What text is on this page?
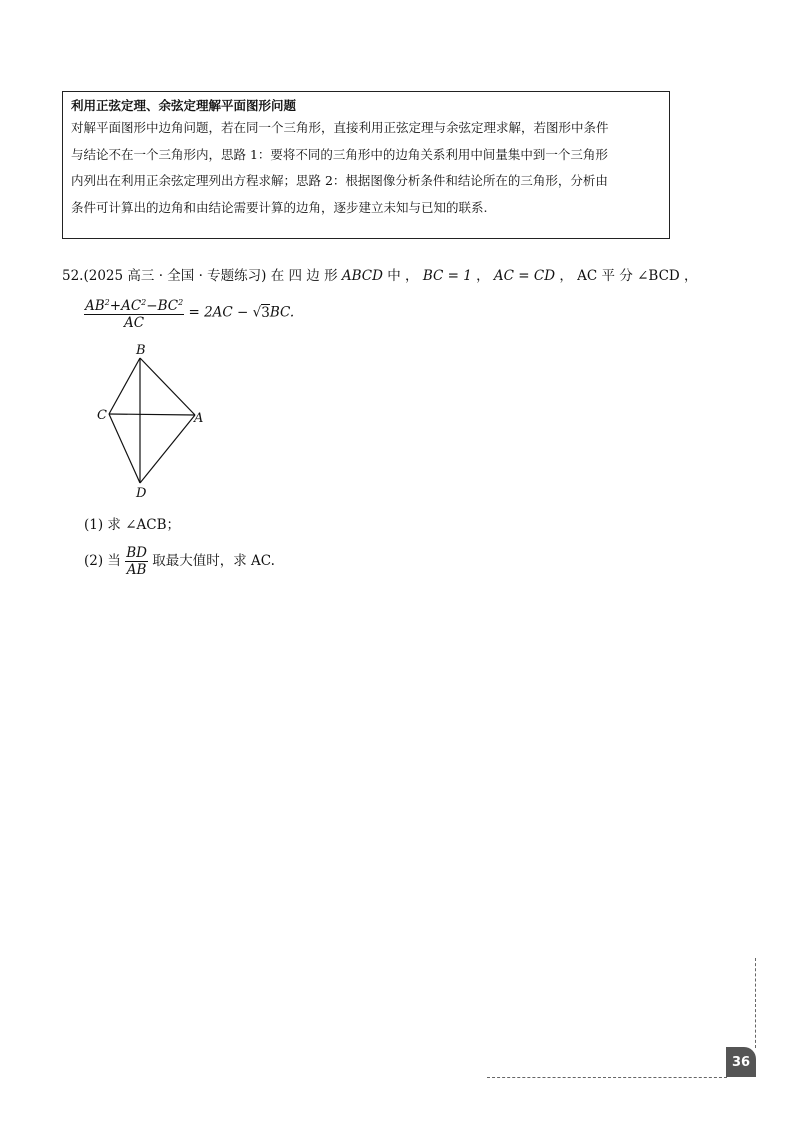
利用正弦定理、余弦定理解平面图形问题

对解平面图形中边角问题，若在同一个三角形，直接利用正弦定理与余弦定理求解，若图形中条件

与结论不在一个三角形内，思路 1：要将不同的三角形中的边角关系利用中间量集中到一个三角形

内列出在利用正余弦定理列出方程求解；思路 2：根据图像分析条件和结论所在的三角形，分析由

条件可计算出的边角和由结论需要计算的边角，逐步建立未知与已知的联系.

52.(2025 高三 · 全国 · 专题练习) 在 四 边 形 ABCD 中 ， BC = 1 ， AC = CD ， AC 平 分 ∠BCD ，
$\frac{AB^2+AC^2-BC^2}{AC} = 2AC - √3BC$.
B
C	A
D
(1) 求 ∠ACB；
(2) 当 $\frac{BD}{AB}$ 取最大值时，求 AC.
36
